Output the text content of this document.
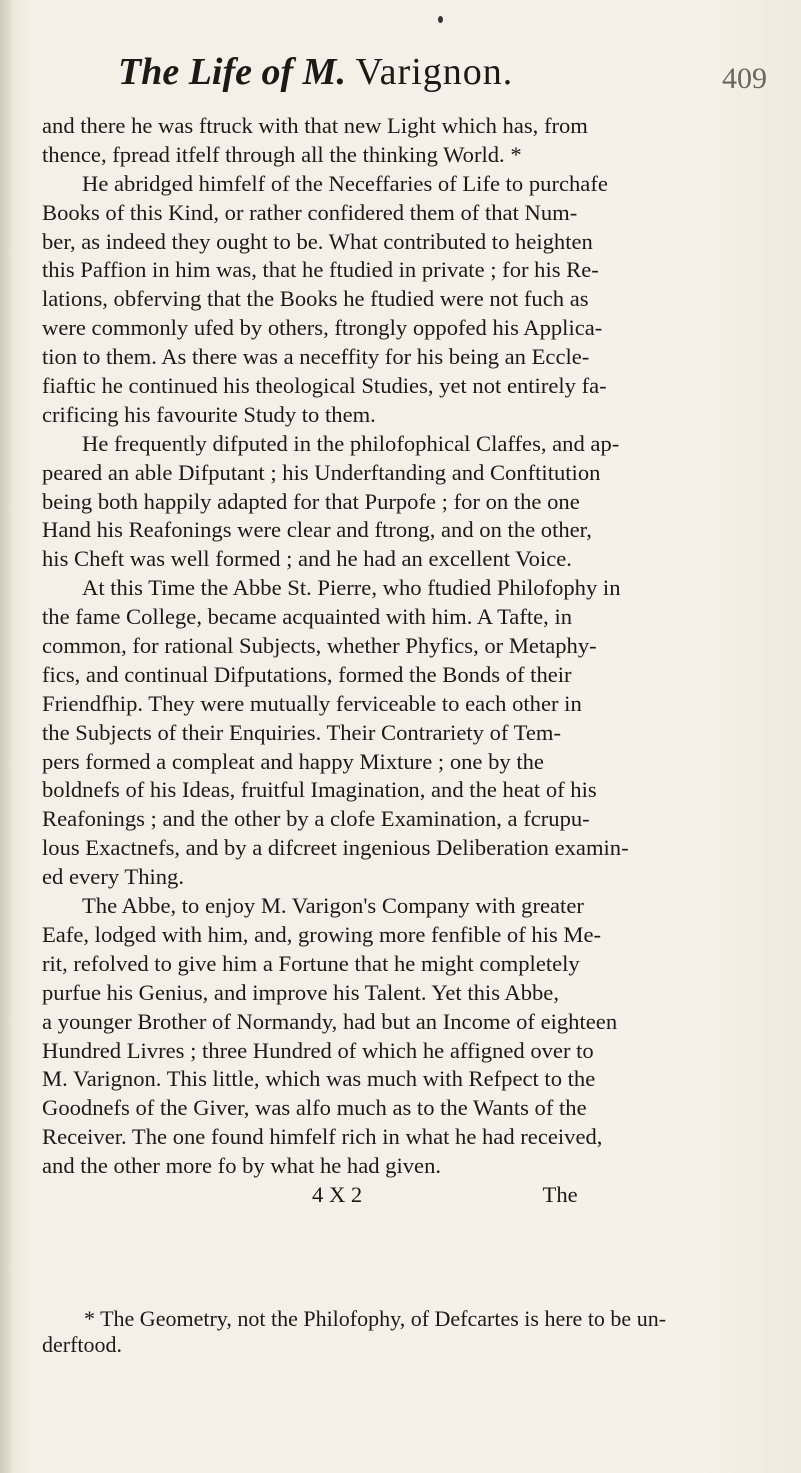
The Life of M. Varignon.	409
and there he was ftruck with that new Light which has, from
thence, fpread itfelf through all the thinking World. *
He abridged himfelf of the Neceffaries of Life to purchafe
Books of this Kind, or rather confidered them of that Num-
ber, as indeed they ought to be. What contributed to heighten
this Paffion in him was, that he ftudied in private ; for his Re-
lations, obferving that the Books he ftudied were not fuch as
were commonly ufed by others, ftrongly oppofed his Applica-
tion to them. As there was a neceffity for his being an Eccle-
fiaftic he continued his theological Studies, yet not entirely fa-
crificing his favourite Study to them.
He frequently difputed in the philofophical Claffes, and ap-
peared an able Difputant ; his Underftanding and Conftitution
being both happily adapted for that Purpofe ; for on the one
Hand his Reafonings were clear and ftrong, and on the other,
his Cheft was well formed ; and he had an excellent Voice.
At this Time the Abbe St. Pierre, who ftudied Philofophy in
the fame College, became acquainted with him. A Tafte, in
common, for rational Subjects, whether Phyfics, or Metaphy-
fics, and continual Difputations, formed the Bonds of their
Friendfhip. They were mutually ferviceable to each other in
the Subjects of their Enquiries. Their Contrariety of Tem-
pers formed a compleat and happy Mixture ; one by the
boldnefs of his Ideas, fruitful Imagination, and the heat of his
Reafonings ; and the other by a clofe Examination, a fcrupu-
lous Exactnefs, and by a difcreet ingenious Deliberation examin-
ed every Thing.
The Abbe, to enjoy M. Varigon's Company with greater
Eafe, lodged with him, and, growing more fenfible of his Me-
rit, refolved to give him a Fortune that he might completely
purfue his Genius, and improve his Talent. Yet this Abbe,
a younger Brother of Normandy, had but an Income of eighteen
Hundred Livres ; three Hundred of which he affigned over to
M. Varignon. This little, which was much with Refpect to the
Goodnefs of the Giver, was alfo much as to the Wants of the
Receiver. The one found himfelf rich in what he had received,
and the other more fo by what he had given.
4 X 2                                The
* The Geometry, not the Philofophy, of Defcartes is here to be un-
derftood.
